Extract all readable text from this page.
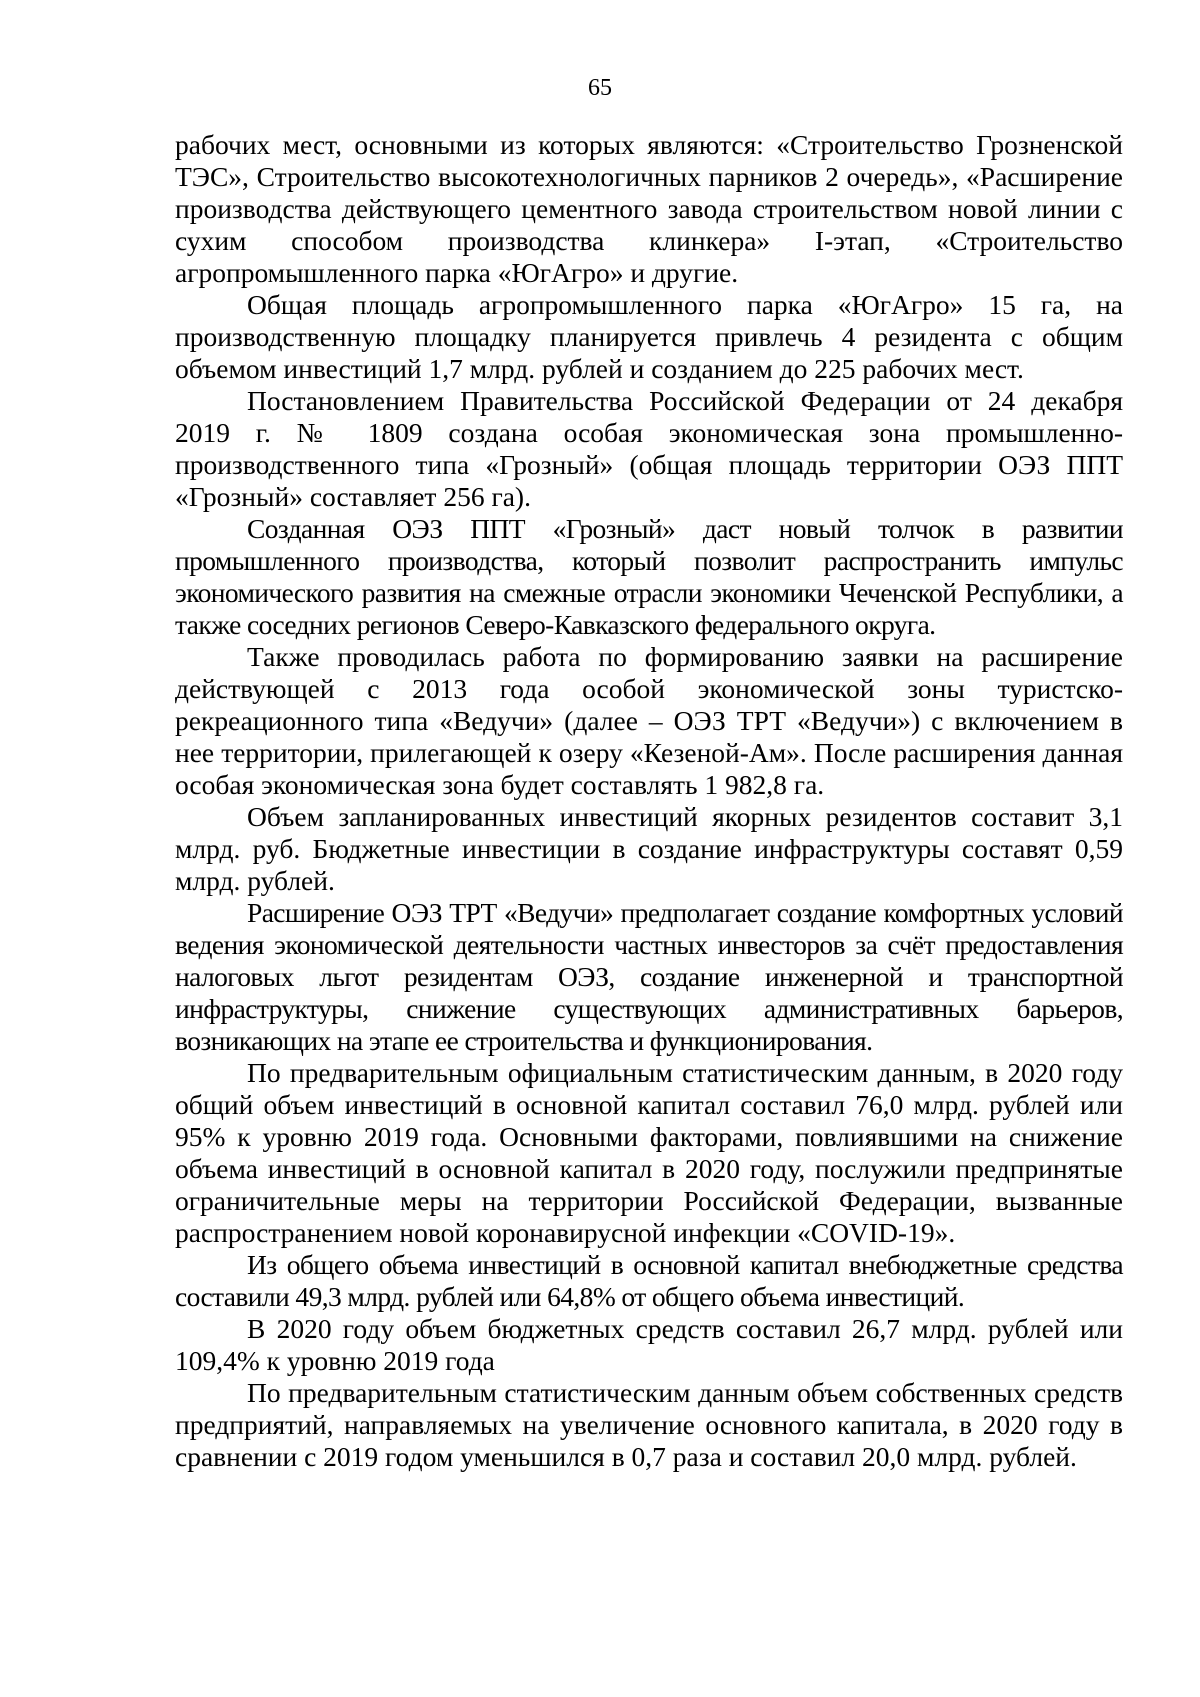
65

рабочих мест, основными из которых являются: «Строительство Грозненской ТЭС», Строительство высокотехнологичных парников 2 очередь», «Расширение производства действующего цементного завода строительством новой линии с сухим способом производства клинкера» I-этап, «Строительство агропромышленного парка «ЮгАгро» и другие.

Общая площадь агропромышленного парка «ЮгАгро» 15 га, на производственную площадку планируется привлечь 4 резидента с общим объемом инвестиций 1,7 млрд. рублей и созданием до 225 рабочих мест.

Постановлением Правительства Российской Федерации от 24 декабря 2019 г. № 1809 создана особая экономическая зона промышленно-производственного типа «Грозный» (общая площадь территории ОЭЗ ППТ «Грозный» составляет 256 га).

Созданная ОЭЗ ППТ «Грозный» даст новый толчок в развитии промышленного производства, который позволит распространить импульс экономического развития на смежные отрасли экономики Чеченской Республики, а также соседних регионов Северо-Кавказского федерального округа.

Также проводилась работа по формированию заявки на расширение действующей с 2013 года особой экономической зоны туристско-рекреационного типа «Ведучи» (далее – ОЭЗ ТРТ «Ведучи») с включением в нее территории, прилегающей к озеру «Кезеной-Ам». После расширения данная особая экономическая зона будет составлять 1 982,8 га.

Объем запланированных инвестиций якорных резидентов составит 3,1 млрд. руб. Бюджетные инвестиции в создание инфраструктуры составят 0,59 млрд. рублей.

Расширение ОЭЗ ТРТ «Ведучи» предполагает создание комфортных условий ведения экономической деятельности частных инвесторов за счёт предоставления налоговых льгот резидентам ОЭЗ, создание инженерной и транспортной инфраструктуры, снижение существующих административных барьеров, возникающих на этапе ее строительства и функционирования.

По предварительным официальным статистическим данным, в 2020 году общий объем инвестиций в основной капитал составил 76,0 млрд. рублей или 95% к уровню 2019 года. Основными факторами, повлиявшими на снижение объема инвестиций в основной капитал в 2020 году, послужили предпринятые ограничительные меры на территории Российской Федерации, вызванные распространением новой коронавирусной инфекции «COVID-19».

Из общего объема инвестиций в основной капитал внебюджетные средства составили 49,3 млрд. рублей или 64,8% от общего объема инвестиций.

В 2020 году объем бюджетных средств составил 26,7 млрд. рублей или 109,4% к уровню 2019 года

По предварительным статистическим данным объем собственных средств предприятий, направляемых на увеличение основного капитала, в 2020 году в сравнении с 2019 годом уменьшился в 0,7 раза и составил 20,0 млрд. рублей.
